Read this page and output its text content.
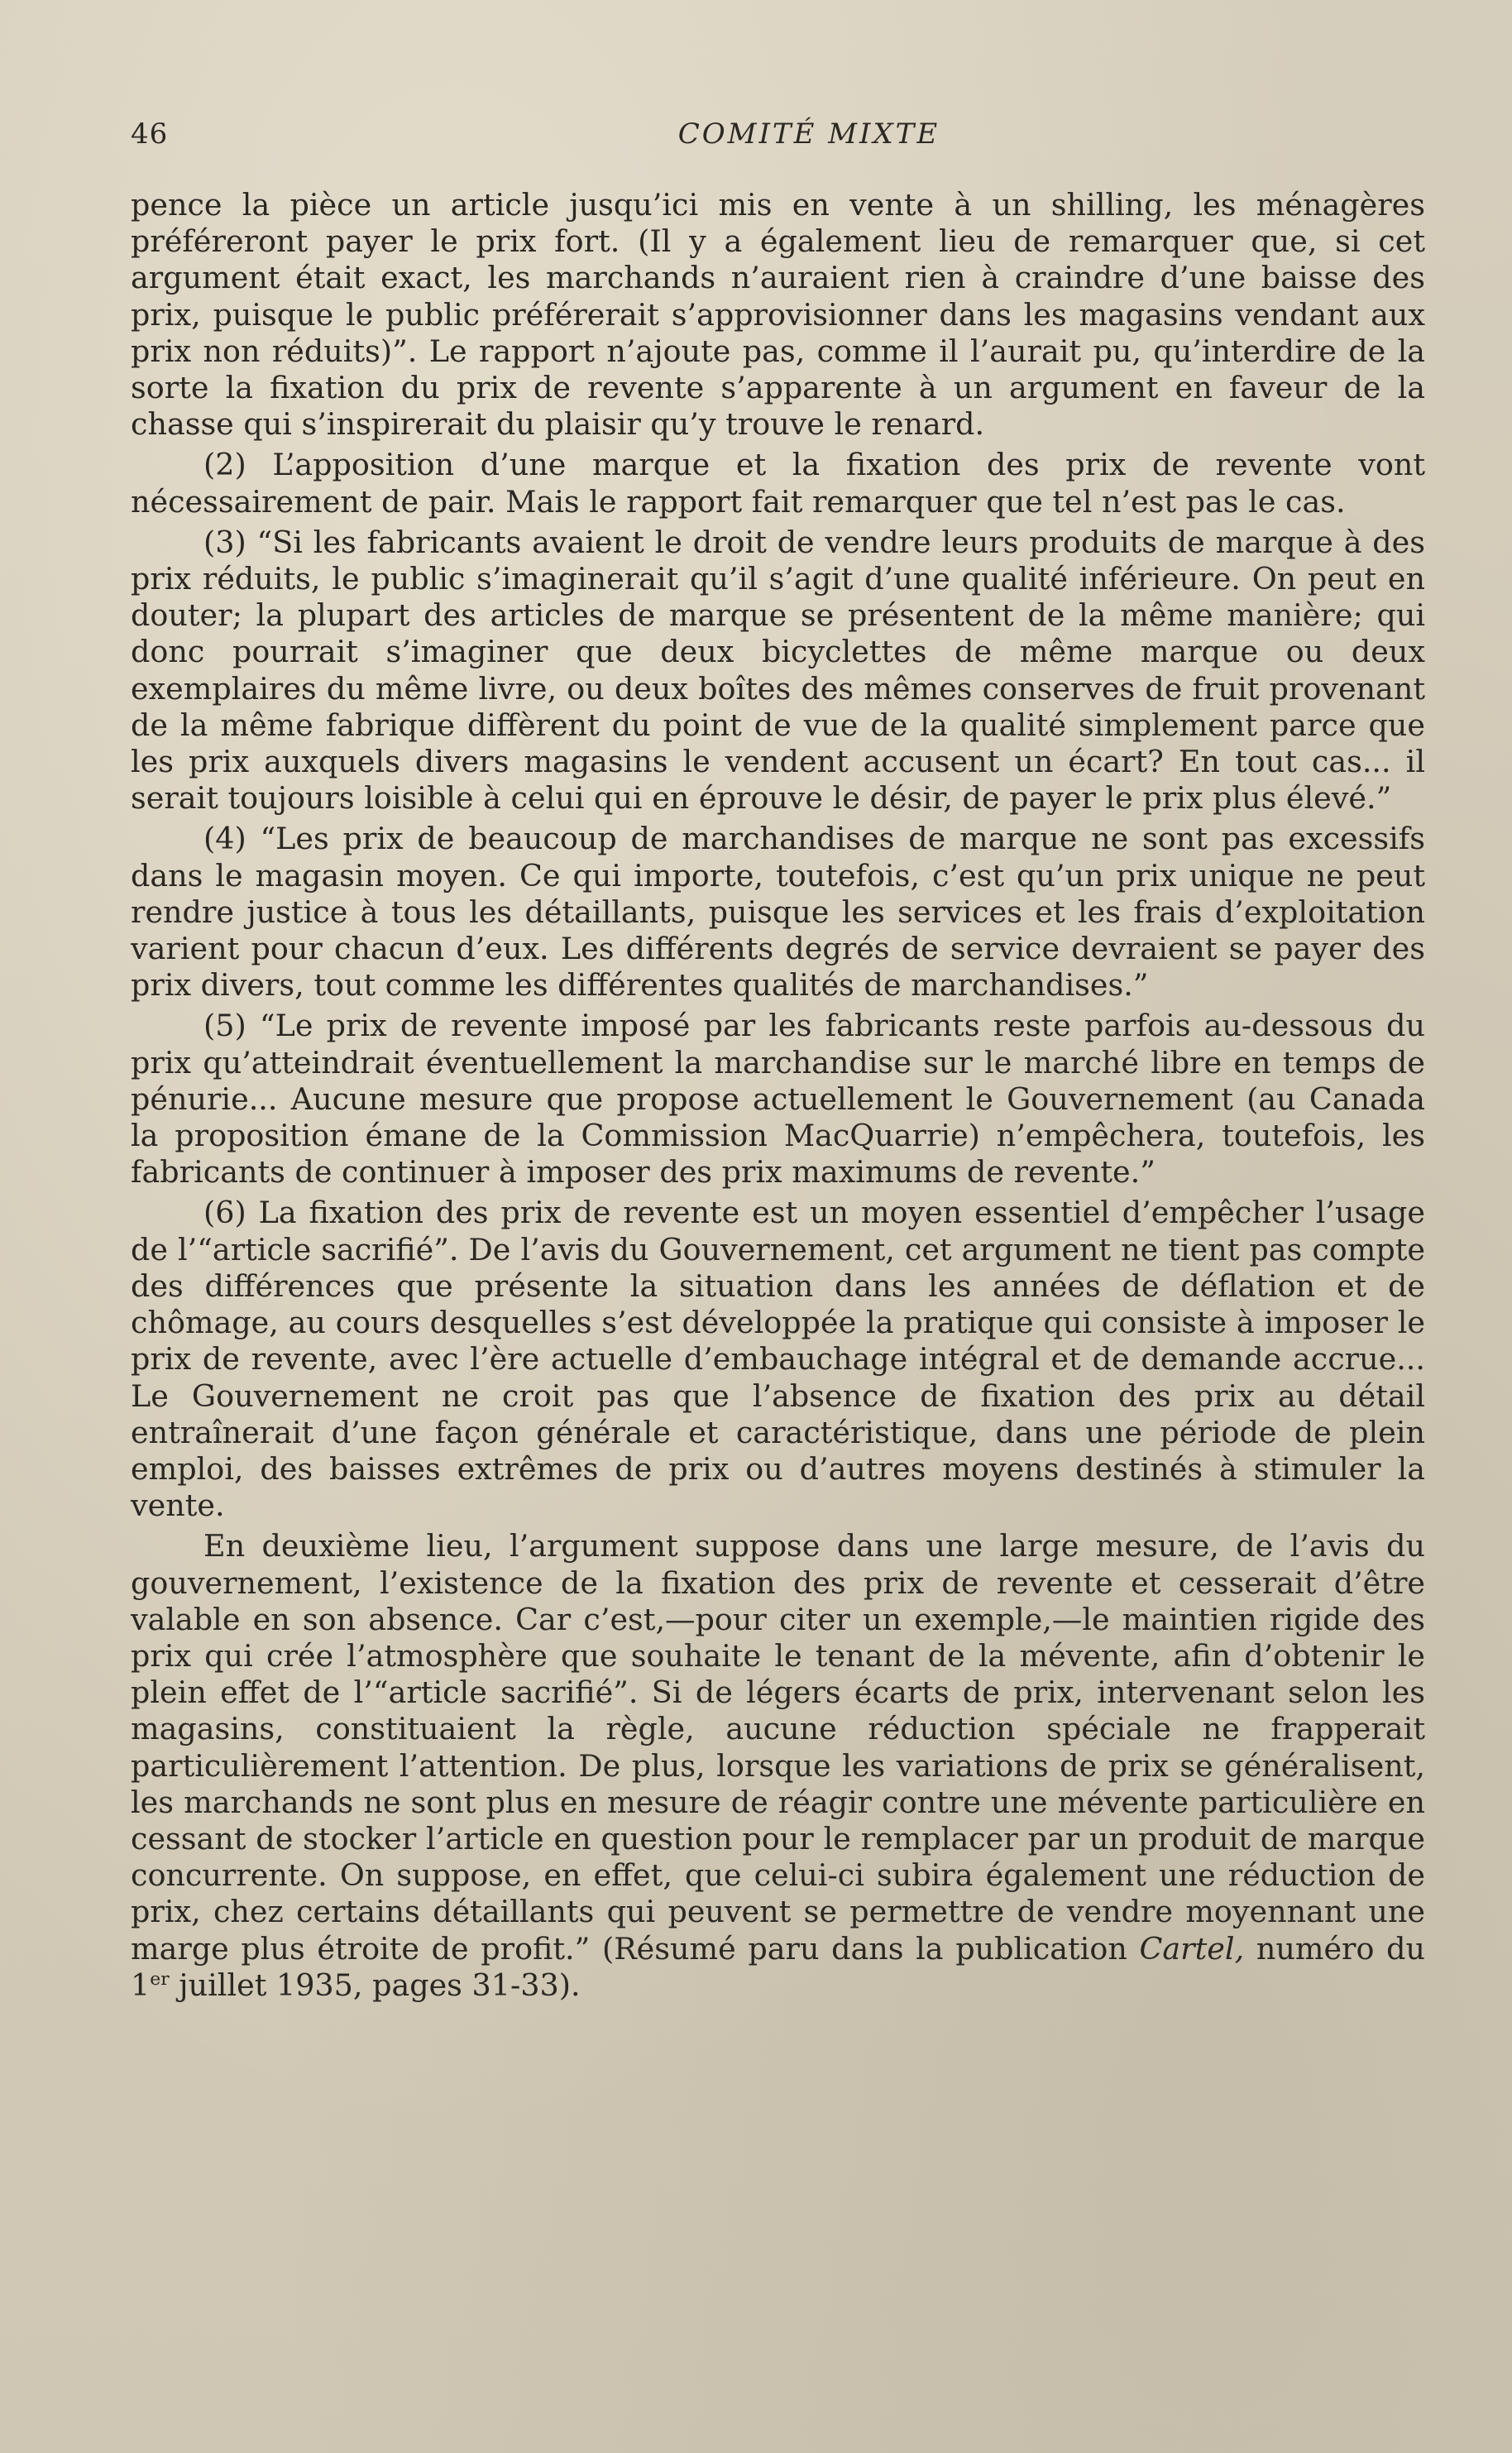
46	COMITÉ MIXTE

pence la pièce un article jusqu’ici mis en vente à un shilling, les ménagères préféreront payer le prix fort. (Il y a également lieu de remarquer que, si cet argument était exact, les marchands n’auraient rien à craindre d’une baisse des prix, puisque le public préférerait s’approvisionner dans les magasins vendant aux prix non réduits)”. Le rapport n’ajoute pas, comme il l’aurait pu, qu’interdire de la sorte la fixation du prix de revente s’apparente à un argument en faveur de la chasse qui s’inspirerait du plaisir qu’y trouve le renard.

(2) L’apposition d’une marque et la fixation des prix de revente vont nécessairement de pair. Mais le rapport fait remarquer que tel n’est pas le cas.

(3) “Si les fabricants avaient le droit de vendre leurs produits de marque à des prix réduits, le public s’imaginerait qu’il s’agit d’une qualité inférieure. On peut en douter; la plupart des articles de marque se présentent de la même manière; qui donc pourrait s’imaginer que deux bicyclettes de même marque ou deux exemplaires du même livre, ou deux boîtes des mêmes conserves de fruit provenant de la même fabrique diffèrent du point de vue de la qualité simplement parce que les prix auxquels divers magasins le vendent accusent un écart? En tout cas... il serait toujours loisible à celui qui en éprouve le désir, de payer le prix plus élevé.”

(4) “Les prix de beaucoup de marchandises de marque ne sont pas excessifs dans le magasin moyen. Ce qui importe, toutefois, c’est qu’un prix unique ne peut rendre justice à tous les détaillants, puisque les services et les frais d’exploitation varient pour chacun d’eux. Les différents degrés de service devraient se payer des prix divers, tout comme les différentes qualités de marchandises.”

(5) “Le prix de revente imposé par les fabricants reste parfois au-dessous du prix qu’atteindrait éventuellement la marchandise sur le marché libre en temps de pénurie... Aucune mesure que propose actuellement le Gouvernement (au Canada la proposition émane de la Commission MacQuarrie) n’empêchera, toutefois, les fabricants de continuer à imposer des prix maximums de revente.”

(6) La fixation des prix de revente est un moyen essentiel d’empêcher l’usage de l’“article sacrifié”. De l’avis du Gouvernement, cet argument ne tient pas compte des différences que présente la situation dans les années de déflation et de chômage, au cours desquelles s’est développée la pratique qui consiste à imposer le prix de revente, avec l’ère actuelle d’embauchage intégral et de demande accrue... Le Gouvernement ne croit pas que l’absence de fixation des prix au détail entraînerait d’une façon générale et caractéristique, dans une période de plein emploi, des baisses extrêmes de prix ou d’autres moyens destinés à stimuler la vente.

En deuxième lieu, l’argument suppose dans une large mesure, de l’avis du gouvernement, l’existence de la fixation des prix de revente et cesserait d’être valable en son absence. Car c’est,—pour citer un exemple,—le maintien rigide des prix qui crée l’atmosphère que souhaite le tenant de la mévente, afin d’obtenir le plein effet de l’“article sacrifié”. Si de légers écarts de prix, intervenant selon les magasins, constituaient la règle, aucune réduction spéciale ne frapperait particulièrement l’attention. De plus, lorsque les variations de prix se généralisent, les marchands ne sont plus en mesure de réagir contre une mévente particulière en cessant de stocker l’article en question pour le remplacer par un produit de marque concurrente. On suppose, en effet, que celui-ci subira également une réduction de prix, chez certains détaillants qui peuvent se permettre de vendre moyennant une marge plus étroite de profit.” (Résumé paru dans la publication Cartel, numéro du 1er juillet 1935, pages 31-33).
